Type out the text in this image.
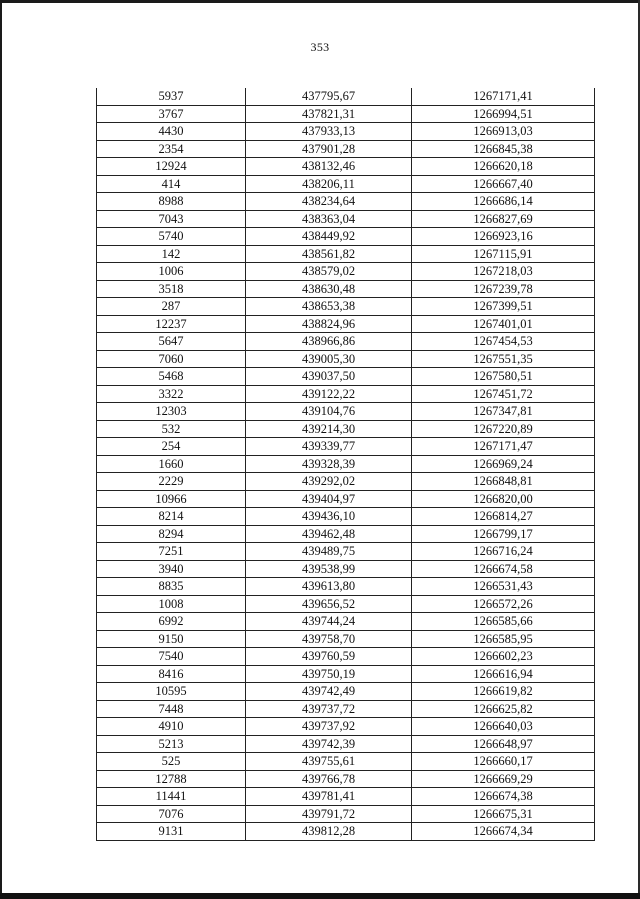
353
5937	437795,67	1267171,41
3767	437821,31	1266994,51
4430	437933,13	1266913,03
2354	437901,28	1266845,38
12924	438132,46	1266620,18
414	438206,11	1266667,40
8988	438234,64	1266686,14
7043	438363,04	1266827,69
5740	438449,92	1266923,16
142	438561,82	1267115,91
1006	438579,02	1267218,03
3518	438630,48	1267239,78
287	438653,38	1267399,51
12237	438824,96	1267401,01
5647	438966,86	1267454,53
7060	439005,30	1267551,35
5468	439037,50	1267580,51
3322	439122,22	1267451,72
12303	439104,76	1267347,81
532	439214,30	1267220,89
254	439339,77	1267171,47
1660	439328,39	1266969,24
2229	439292,02	1266848,81
10966	439404,97	1266820,00
8214	439436,10	1266814,27
8294	439462,48	1266799,17
7251	439489,75	1266716,24
3940	439538,99	1266674,58
8835	439613,80	1266531,43
1008	439656,52	1266572,26
6992	439744,24	1266585,66
9150	439758,70	1266585,95
7540	439760,59	1266602,23
8416	439750,19	1266616,94
10595	439742,49	1266619,82
7448	439737,72	1266625,82
4910	439737,92	1266640,03
5213	439742,39	1266648,97
525	439755,61	1266660,17
12788	439766,78	1266669,29
11441	439781,41	1266674,38
7076	439791,72	1266675,31
9131	439812,28	1266674,34
